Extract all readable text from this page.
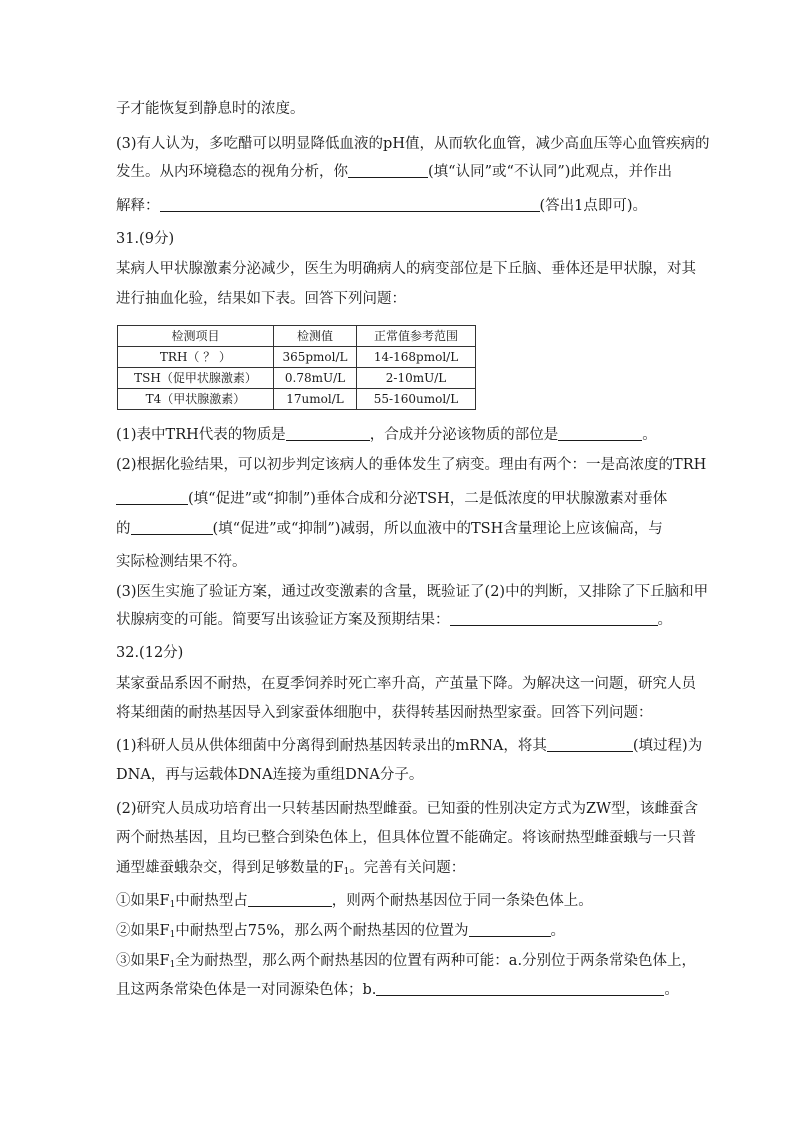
子才能恢复到静息时的浓度。
(3)有人认为，多吃醋可以明显降低血液的pH值，从而软化血管，减少高血压等心血管疾病的
发生。从内环境稳态的视角分析，你	(填“认同”或“不认同”)此观点，并作出
解释：	(答出1点即可)。
31.(9分)
某病人甲状腺激素分泌减少，医生为明确病人的病变部位是下丘脑、垂体还是甲状腺，对其
进行抽血化验，结果如下表。回答下列问题：
检测项目	检测值	正常值参考范围
TRH（ ？ ）	365pmol/L	14-168pmol/L
TSH（促甲状腺激素）	0.78mU/L	2-10mU/L
T4（甲状腺激素）	17umol/L	55-160umol/L
(1)表中TRH代表的物质是	，合成并分泌该物质的部位是	。
(2)根据化验结果，可以初步判定该病人的垂体发生了病变。理由有两个：一是高浓度的TRH
(填“促进”或“抑制”)垂体合成和分泌TSH，二是低浓度的甲状腺激素对垂体
的	(填“促进”或“抑制”)减弱，所以血液中的TSH含量理论上应该偏高，与
实际检测结果不符。
(3)医生实施了验证方案，通过改变激素的含量，既验证了(2)中的判断，又排除了下丘脑和甲
状腺病变的可能。简要写出该验证方案及预期结果：	。
32.(12分)
某家蚕品系因不耐热，在夏季饲养时死亡率升高，产茧量下降。为解决这一问题，研究人员
将某细菌的耐热基因导入到家蚕体细胞中，获得转基因耐热型家蚕。回答下列问题：
(1)科研人员从供体细菌中分离得到耐热基因转录出的mRNA，将其	(填过程)为
DNA，再与运载体DNA连接为重组DNA分子。
(2)研究人员成功培育出一只转基因耐热型雌蚕。已知蚕的性别决定方式为ZW型，该雌蚕含
两个耐热基因，且均已整合到染色体上，但具体位置不能确定。将该耐热型雌蚕蛾与一只普
通型雄蚕蛾杂交，得到足够数量的$F_1$。完善有关问题：
①如果$F_1$中耐热型占	，则两个耐热基因位于同一条染色体上。
②如果$F_1$中耐热型占75%，那么两个耐热基因的位置为	。
③如果$F_1$全为耐热型，那么两个耐热基因的位置有两种可能：a.分别位于两条常染色体上，
且这两条常染色体是一对同源染色体；b.	。
